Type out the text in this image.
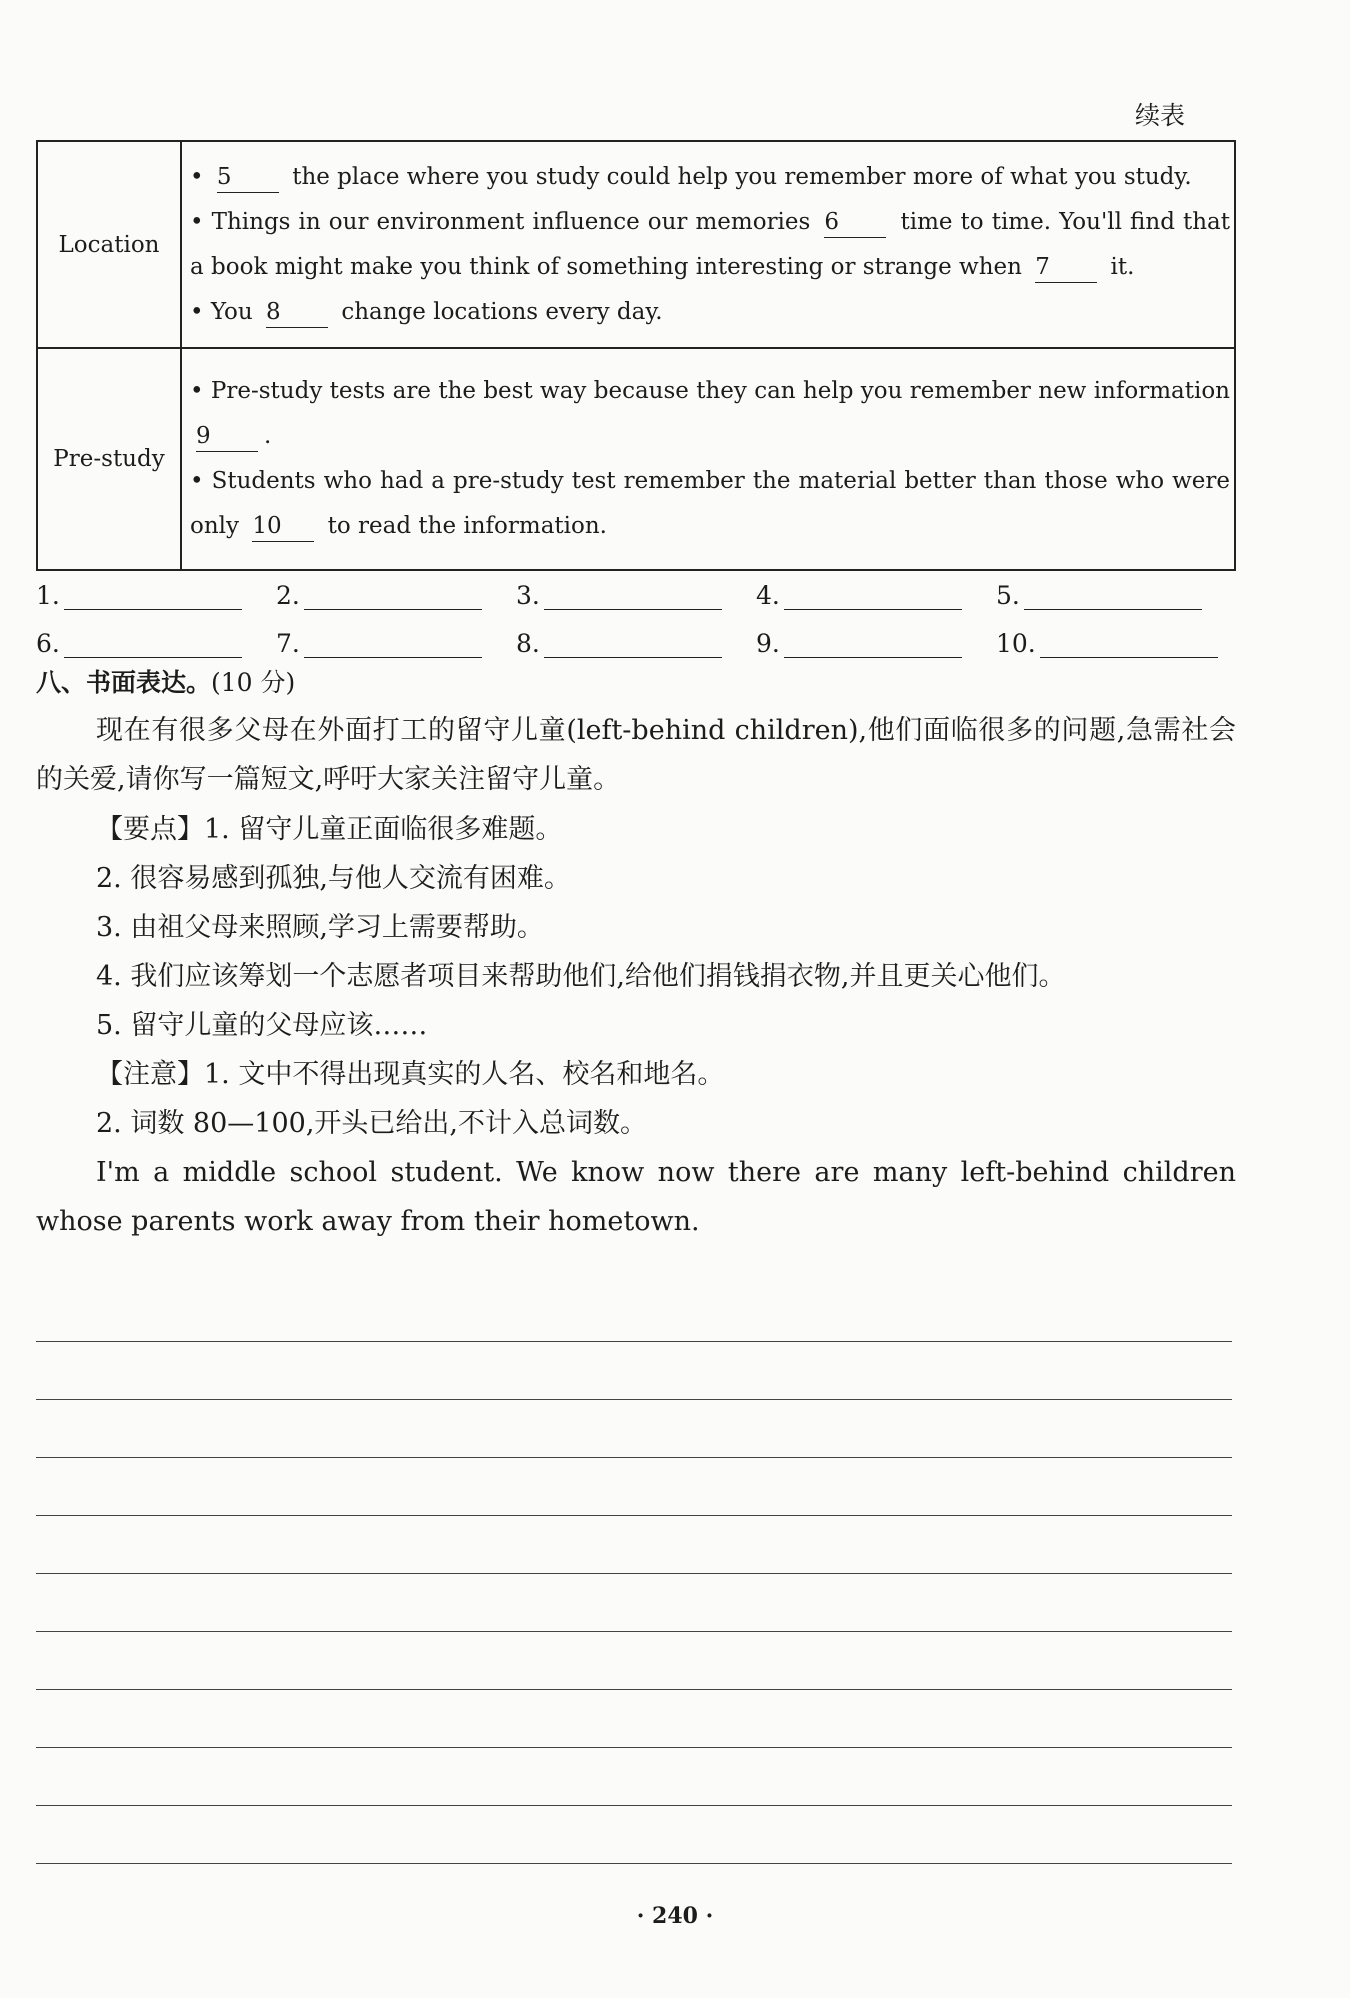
续表
Location	• 5 the place where you study could help you remember more of what you study.
• Things in our environment influence our memories 6 time to time. You'll find that a book might make you think of something interesting or strange when 7 it.
• You 8 change locations every day.

Pre-study	• Pre-study tests are the best way because they can help you remember new information 9 .
• Students who had a pre-study test remember the material better than those who were only 10 to read the information.
1.	2.	3.	4.	5.
6.	7.	8.	9.	10.
八、书面表达。(10 分)
现在有很多父母在外面打工的留守儿童(left-behind children),他们面临很多的问题,急需社会的关爱,请你写一篇短文,呼吁大家关注留守儿童。
【要点】1. 留守儿童正面临很多难题。
2. 很容易感到孤独,与他人交流有困难。
3. 由祖父母来照顾,学习上需要帮助。
4. 我们应该筹划一个志愿者项目来帮助他们,给他们捐钱捐衣物,并且更关心他们。
5. 留守儿童的父母应该……
【注意】1. 文中不得出现真实的人名、校名和地名。
2. 词数 80—100,开头已给出,不计入总词数。
I'm a middle school student. We know now there are many left-behind children whose parents work away from their hometown.
· 240 ·
